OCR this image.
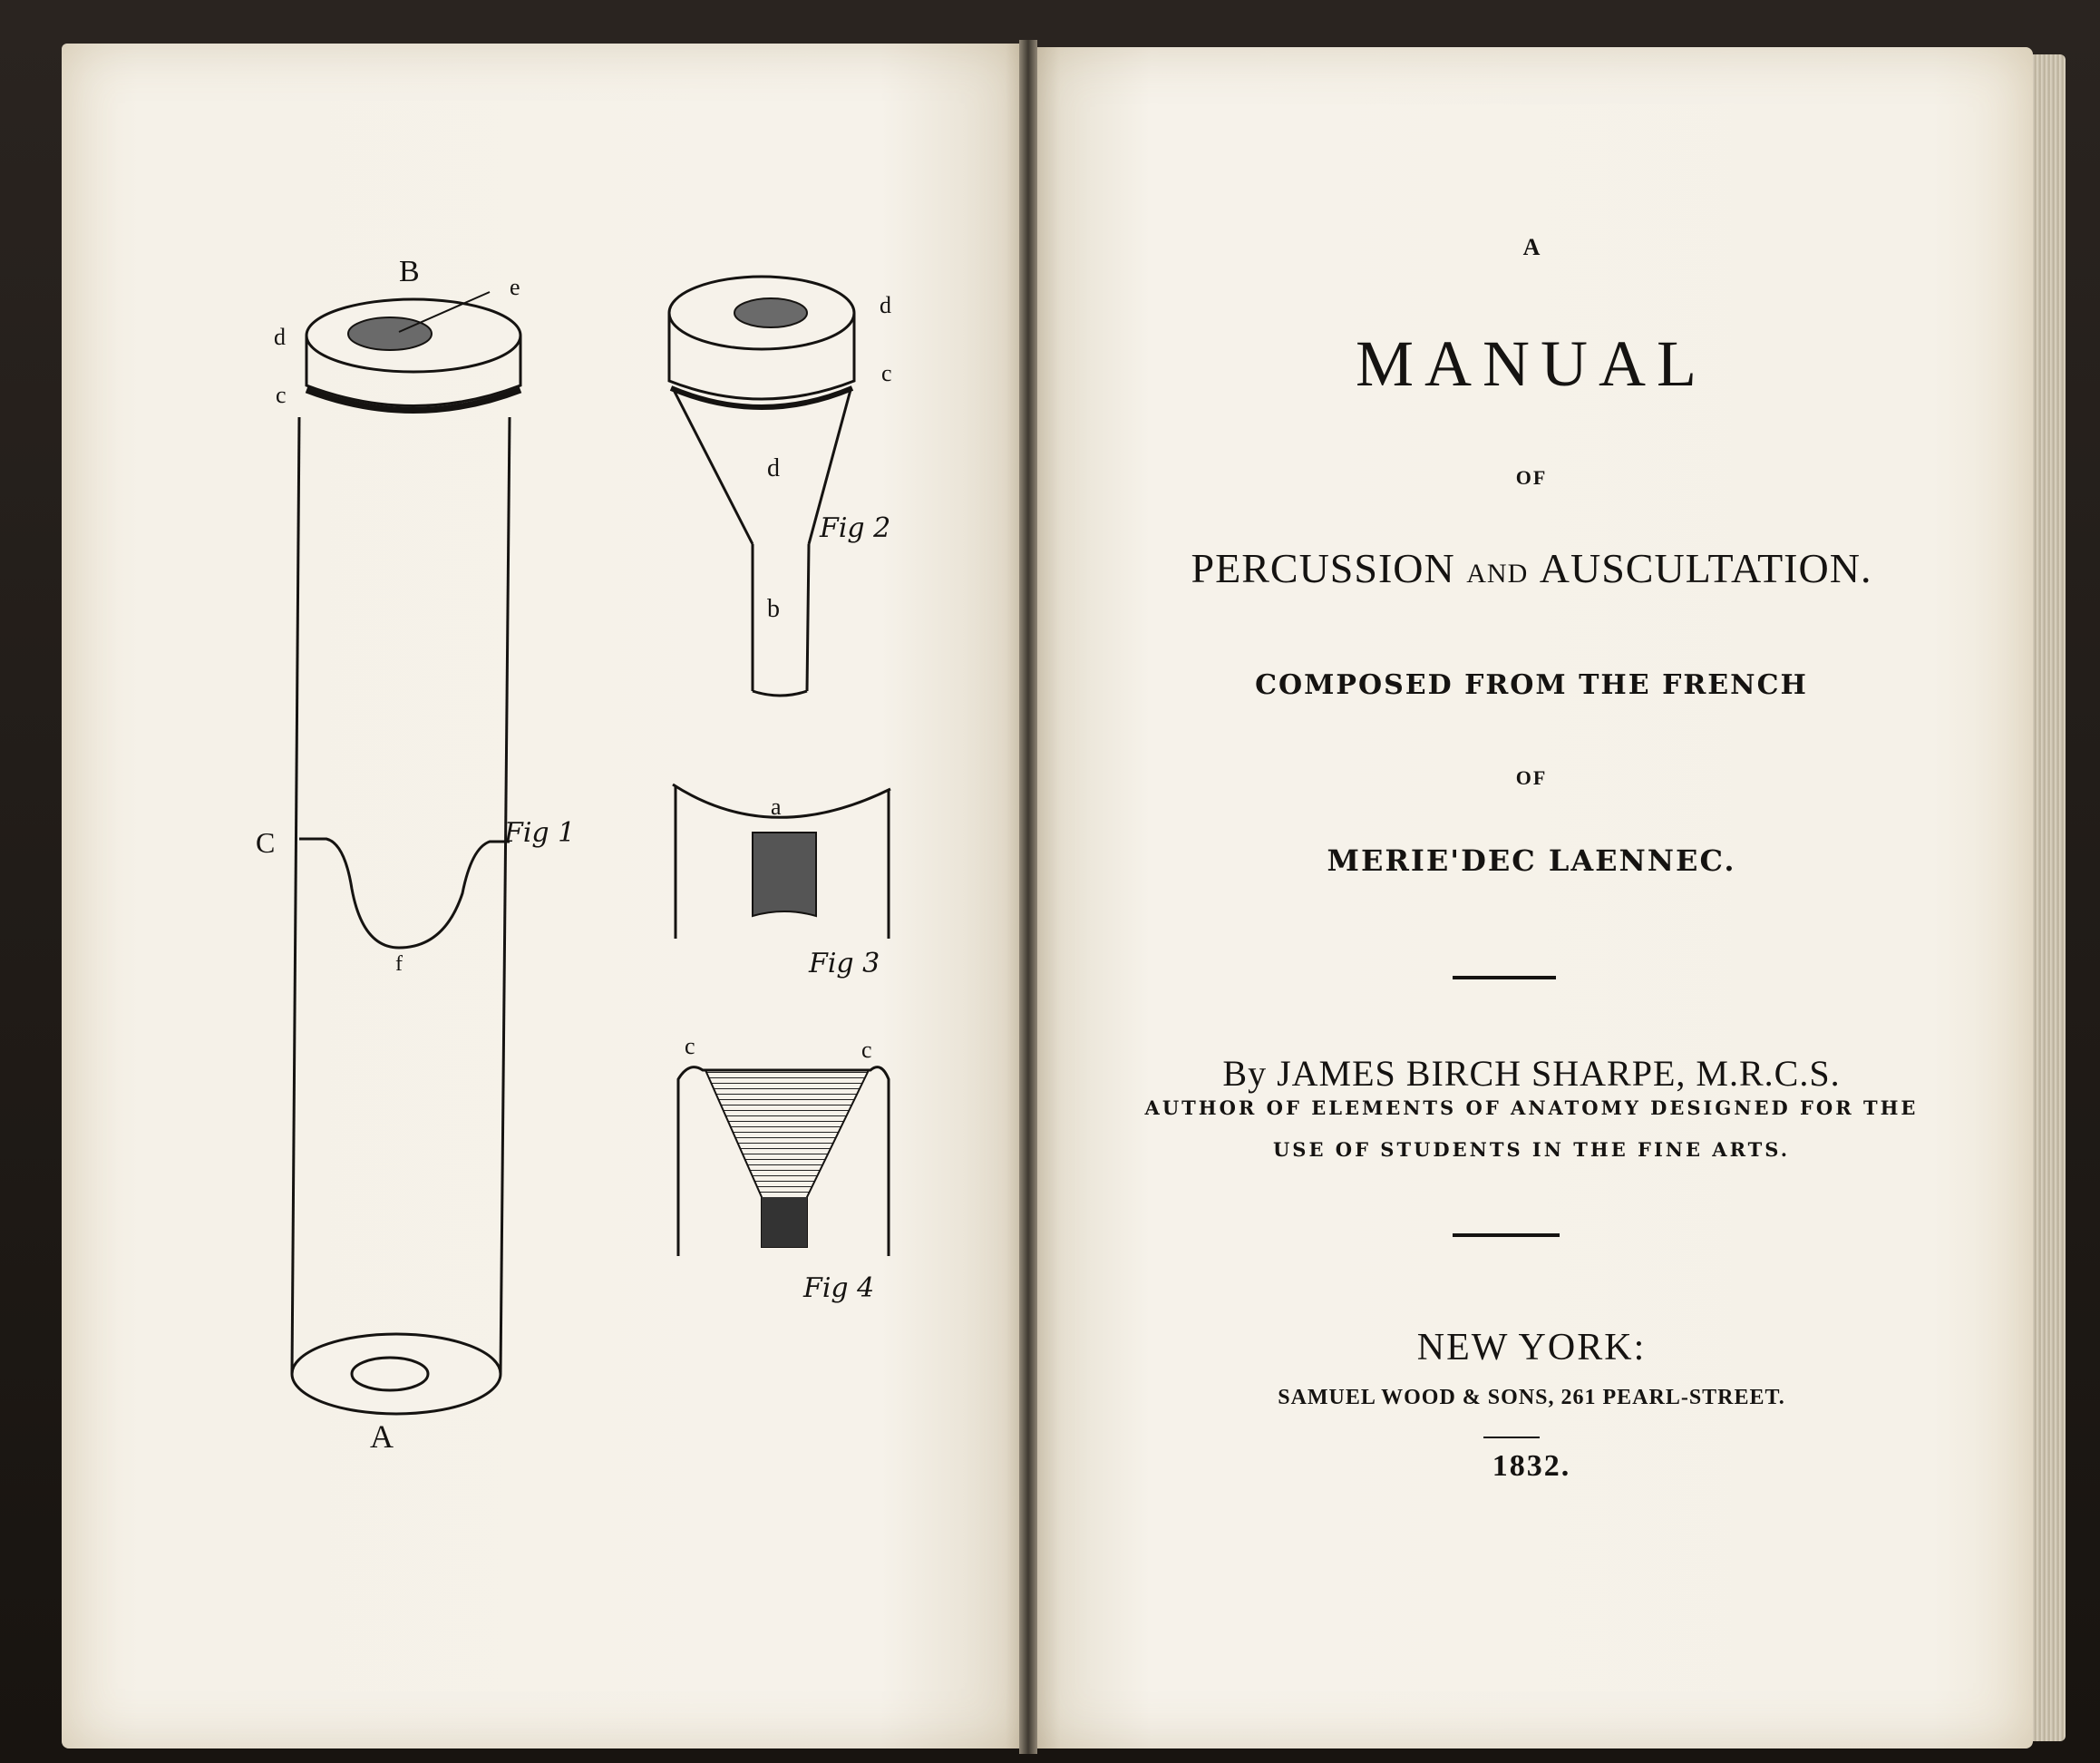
B	e
d
c
C
f
A
Fig 1
d
c
d
b
Fig 2
a
Fig 3
c	c
Fig 4
A
MANUAL
OF
PERCUSSION AND AUSCULTATION.
COMPOSED FROM THE FRENCH
OF
MERIE'DEC LAENNEC.
By JAMES BIRCH SHARPE, M.R.C.S.
AUTHOR OF ELEMENTS OF ANATOMY DESIGNED FOR THE
USE OF STUDENTS IN THE FINE ARTS.
NEW YORK:
SAMUEL WOOD & SONS, 261 PEARL-STREET.
1832.
